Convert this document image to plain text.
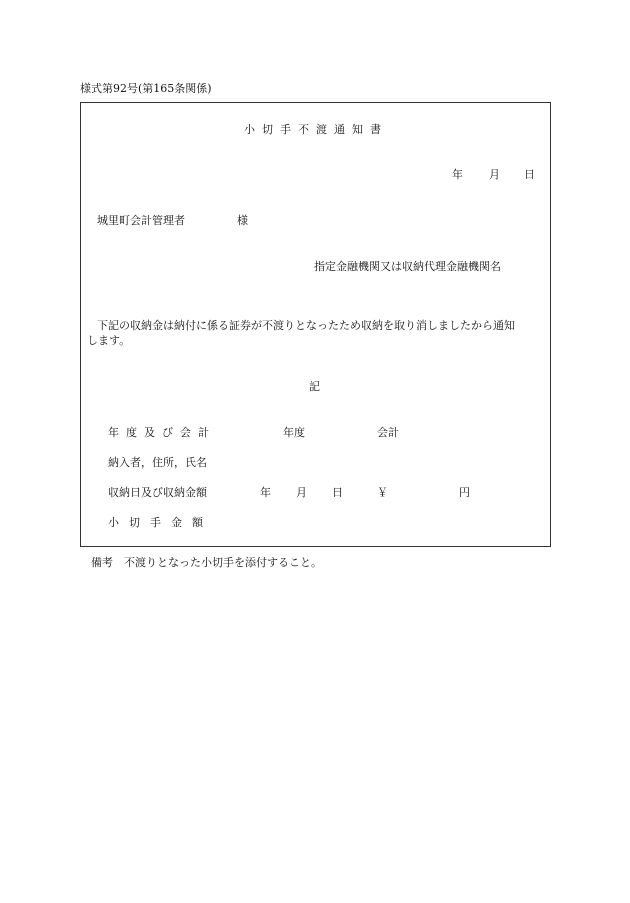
様式第92号(第165条関係)
小切手不渡通知書
年 月 日
城里町会計管理者	様
指定金融機関又は収納代理金融機関名
下記の収納金は納付に係る証券が不渡りとなったため収納を取り消しましたから通知
します。
記
年度及び会計	年度	会計
納入者，住所，氏名
収納日及び収納金額	年 月 日	￥	円
小切手金額
備考　不渡りとなった小切手を添付すること。
